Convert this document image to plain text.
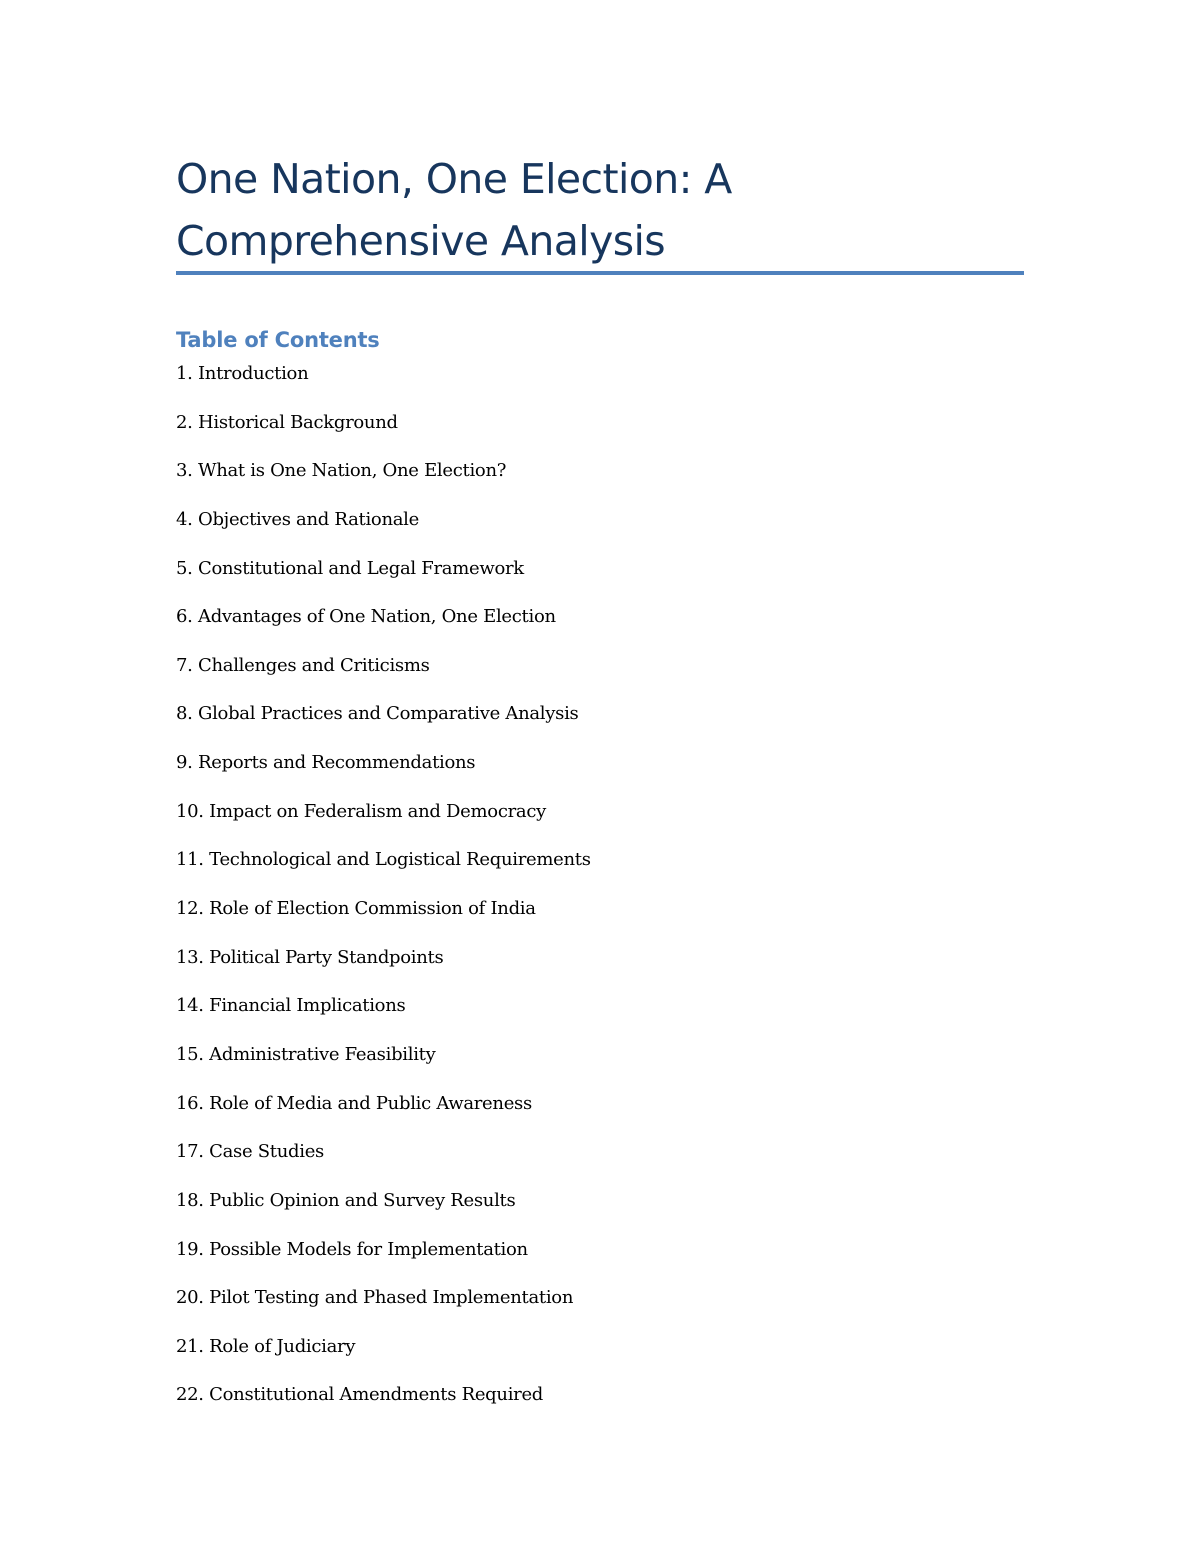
One Nation, One Election: A Comprehensive Analysis
Table of Contents
1. Introduction
2. Historical Background
3. What is One Nation, One Election?
4. Objectives and Rationale
5. Constitutional and Legal Framework
6. Advantages of One Nation, One Election
7. Challenges and Criticisms
8. Global Practices and Comparative Analysis
9. Reports and Recommendations
10. Impact on Federalism and Democracy
11. Technological and Logistical Requirements
12. Role of Election Commission of India
13. Political Party Standpoints
14. Financial Implications
15. Administrative Feasibility
16. Role of Media and Public Awareness
17. Case Studies
18. Public Opinion and Survey Results
19. Possible Models for Implementation
20. Pilot Testing and Phased Implementation
21. Role of Judiciary
22. Constitutional Amendments Required
